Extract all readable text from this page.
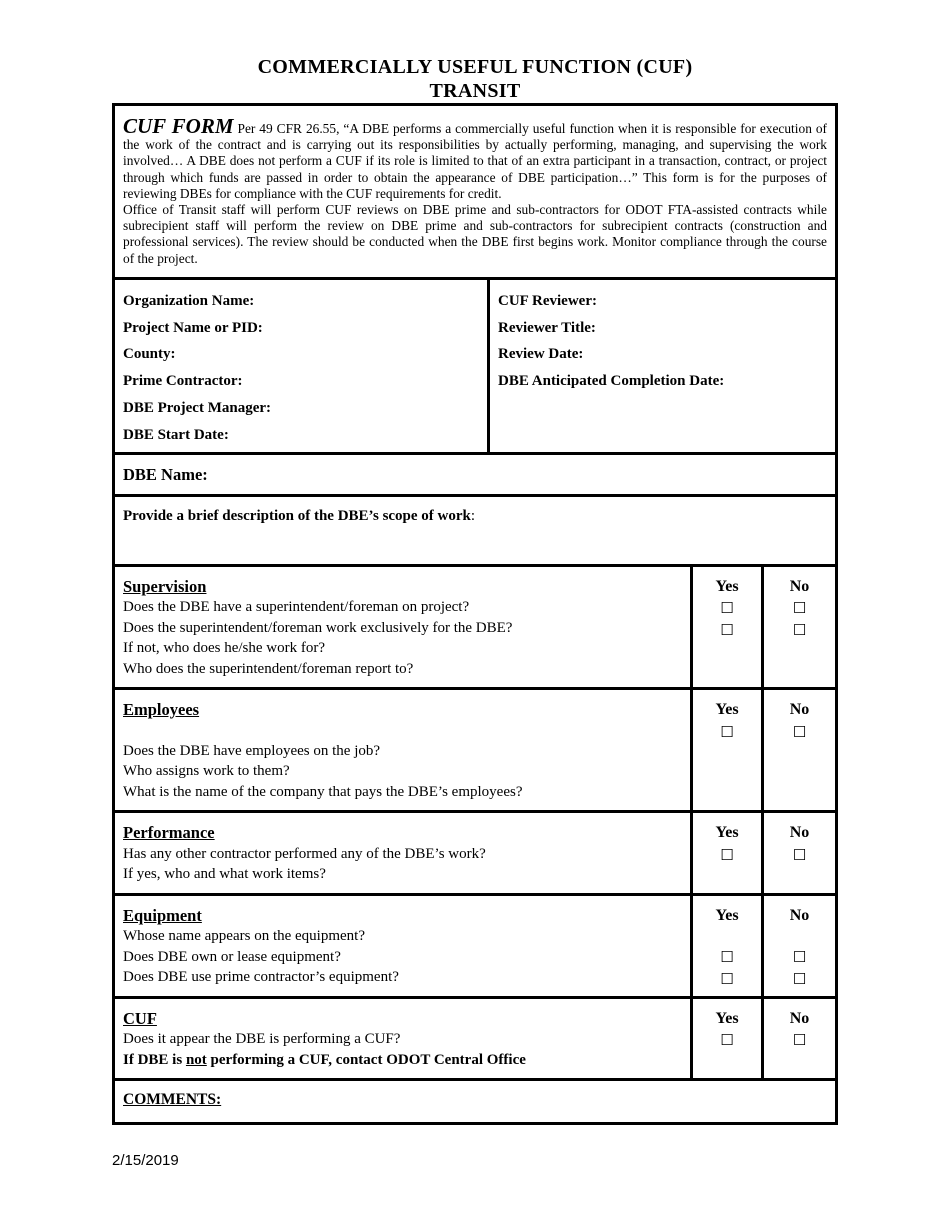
COMMERCIALLY USEFUL FUNCTION (CUF)
TRANSIT
CUF FORM Per 49 CFR 26.55, “A DBE performs a commercially useful function when it is responsible for execution of the work of the contract and is carrying out its responsibilities by actually performing, managing, and supervising the work involved… A DBE does not perform a CUF if its role is limited to that of an extra participant in a transaction, contract, or project through which funds are passed in order to obtain the appearance of DBE participation…” This form is for the purposes of reviewing DBEs for compliance with the CUF requirements for credit.
Office of Transit staff will perform CUF reviews on DBE prime and sub-contractors for ODOT FTA-assisted contracts while subrecipient staff will perform the review on DBE prime and sub-contractors for subrecipient contracts (construction and professional services). The review should be conducted when the DBE first begins work. Monitor compliance through the course of the project.
Organization Name:
Project Name or PID:
County:
Prime Contractor:
DBE Project Manager:
DBE Start Date:
CUF Reviewer:
Reviewer Title:
Review Date:
DBE Anticipated Completion Date:
DBE Name:
Provide a brief description of the DBE’s scope of work:
Supervision
Does the DBE have a superintendent/foreman on project?
Does the superintendent/foreman work exclusively for the DBE?
If not, who does he/she work for?
Who does the superintendent/foreman report to?
Yes
☐
☐
No
☐
☐
Employees
Does the DBE have employees on the job?
Who assigns work to them?
What is the name of the company that pays the DBE’s employees?
Yes
☐
No
☐
Performance
Has any other contractor performed any of the DBE’s work?
If yes, who and what work items?
Yes
☐
No
☐
Equipment
Whose name appears on the equipment?
Does DBE own or lease equipment?
Does DBE use prime contractor’s equipment?
Yes
☐
☐
No
☐
☐
CUF
Does it appear the DBE is performing a CUF?
If DBE is not performing a CUF, contact ODOT Central Office
Yes
☐
No
☐
COMMENTS:
2/15/2019
